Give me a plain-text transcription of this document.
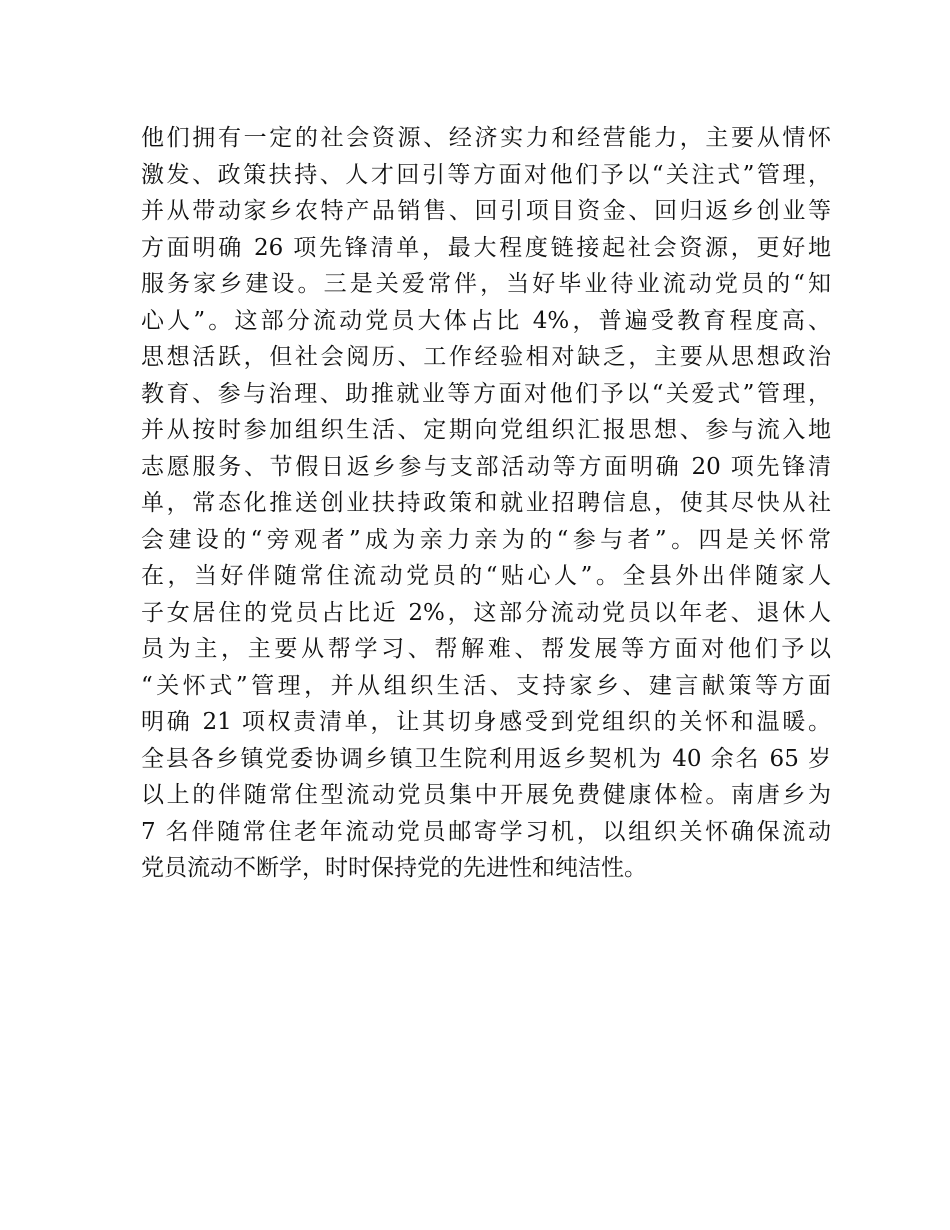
他们拥有一定的社会资源、经济实力和经营能力，主要从情怀
激发、政策扶持、人才回引等方面对他们予以“关注式”管理，
并从带动家乡农特产品销售、回引项目资金、回归返乡创业等
方面明确 26 项先锋清单，最大程度链接起社会资源，更好地
服务家乡建设。三是关爱常伴，当好毕业待业流动党员的“知
心人”。这部分流动党员大体占比 4%，普遍受教育程度高、
思想活跃，但社会阅历、工作经验相对缺乏，主要从思想政治
教育、参与治理、助推就业等方面对他们予以“关爱式”管理，
并从按时参加组织生活、定期向党组织汇报思想、参与流入地
志愿服务、节假日返乡参与支部活动等方面明确 20 项先锋清
单，常态化推送创业扶持政策和就业招聘信息，使其尽快从社
会建设的“旁观者”成为亲力亲为的“参与者”。四是关怀常
在，当好伴随常住流动党员的“贴心人”。全县外出伴随家人
子女居住的党员占比近 2%，这部分流动党员以年老、退休人
员为主，主要从帮学习、帮解难、帮发展等方面对他们予以
“关怀式”管理，并从组织生活、支持家乡、建言献策等方面
明确 21 项权责清单，让其切身感受到党组织的关怀和温暖。
全县各乡镇党委协调乡镇卫生院利用返乡契机为 40 余名 65 岁
以上的伴随常住型流动党员集中开展免费健康体检。南唐乡为
7 名伴随常住老年流动党员邮寄学习机，以组织关怀确保流动
党员流动不断学，时时保持党的先进性和纯洁性。
